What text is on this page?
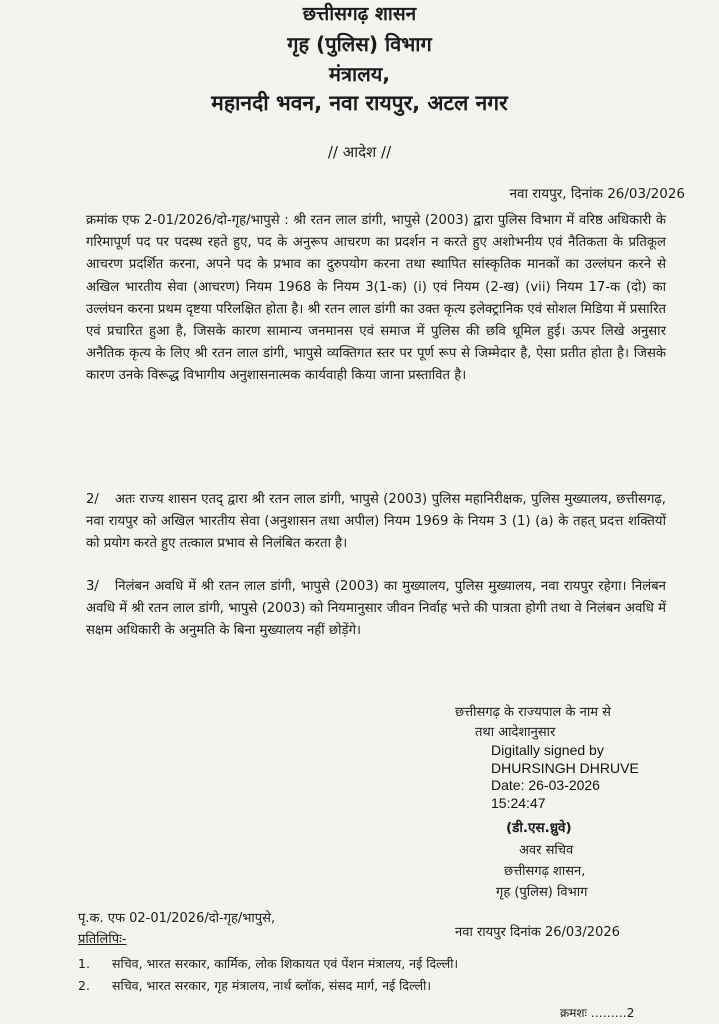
छत्तीसगढ़ शासन
गृह (पुलिस) विभाग
मंत्रालय,
महानदी भवन, नवा रायपुर, अटल नगर
// आदेश //
नवा रायपुर, दिनांक 26/03/2026

क्रमांक एफ 2-01/2026/दो-गृह/भापुसे : श्री रतन लाल डांगी, भापुसे (2003) द्वारा पुलिस विभाग में वरिष्ठ अधिकारी के गरिमापूर्ण पद पर पदस्थ रहते हुए, पद के अनुरूप आचरण का प्रदर्शन न करते हुए अशोभनीय एवं नैतिकता के प्रतिकूल आचरण प्रदर्शित करना, अपने पद के प्रभाव का दुरुपयोग करना तथा स्थापित सांस्कृतिक मानकों का उल्लंघन करने से अखिल भारतीय सेवा (आचरण) नियम 1968 के नियम 3(1-क) (i) एवं नियम (2-ख) (vii) नियम 17-क (दो) का उल्लंघन करना प्रथम दृष्टया परिलक्षित होता है। श्री रतन लाल डांगी का उक्त कृत्य इलेक्ट्रानिक एवं सोशल मिडिया में प्रसारित एवं प्रचारित हुआ है, जिसके कारण सामान्य जनमानस एवं समाज में पुलिस की छवि धूमिल हुई। ऊपर लिखे अनुसार अनैतिक कृत्य के लिए श्री रतन लाल डांगी, भापुसे व्यक्तिगत स्तर पर पूर्ण रूप से जिम्मेदार है, ऐसा प्रतीत होता है। जिसके कारण उनके विरूद्ध विभागीय अनुशासनात्मक कार्यवाही किया जाना प्रस्तावित है।

2/ अतः राज्य शासन एतद् द्वारा श्री रतन लाल डांगी, भापुसे (2003) पुलिस महानिरीक्षक, पुलिस मुख्यालय, छत्तीसगढ़, नवा रायपुर को अखिल भारतीय सेवा (अनुशासन तथा अपील) नियम 1969 के नियम 3 (1) (a) के तहत् प्रदत्त शक्तियों को प्रयोग करते हुए तत्काल प्रभाव से निलंबित करता है।

3/ निलंबन अवधि में श्री रतन लाल डांगी, भापुसे (2003) का मुख्यालय, पुलिस मुख्यालय, नवा रायपुर रहेगा। निलंबन अवधि में श्री रतन लाल डांगी, भापुसे (2003) को नियमानुसार जीवन निर्वाह भत्ते की पात्रता होगी तथा वे निलंबन अवधि में सक्षम अधिकारी के अनुमति के बिना मुख्यालय नहीं छोड़ेंगे।

छत्तीसगढ़ के राज्यपाल के नाम से
तथा आदेशानुसार
Digitally signed by
DHURSINGH DHRUVE
Date: 26-03-2026
15:24:47
(डी.एस.ध्रुवे)
अवर सचिव
छत्तीसगढ़ शासन,
गृह (पुलिस) विभाग
पृ.क. एफ 02-01/2026/दो-गृह/भापुसे,
नवा रायपुर दिनांक 26/03/2026
प्रतिलिपिः-
1. सचिव, भारत सरकार, कार्मिक, लोक शिकायत एवं पेंशन मंत्रालय, नई दिल्ली।
2. सचिव, भारत सरकार, गृह मंत्रालय, नार्थ ब्लॉक, संसद मार्ग, नई दिल्ली।
क्रमशः ………2
